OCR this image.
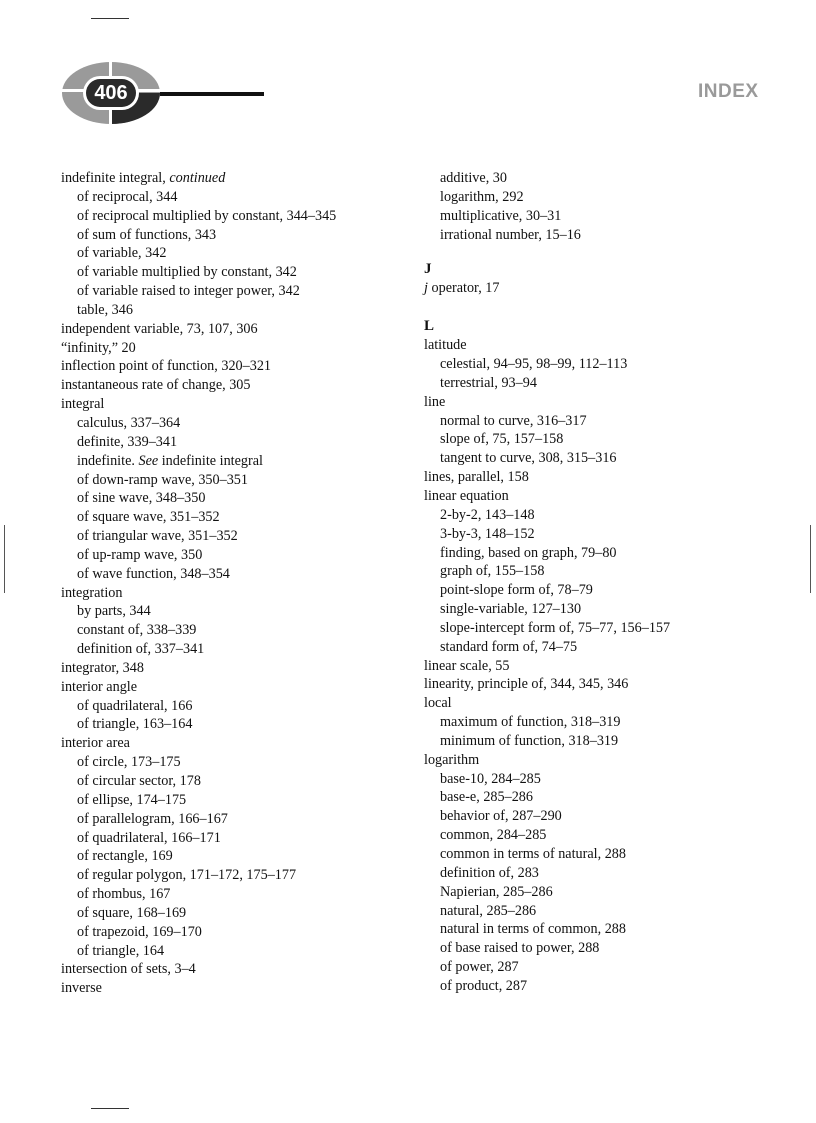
406	INDEX
indefinite integral, continued
of reciprocal, 344
of reciprocal multiplied by constant, 344–345
of sum of functions, 343
of variable, 342
of variable multiplied by constant, 342
of variable raised to integer power, 342
table, 346
independent variable, 73, 107, 306
“infinity,” 20
inflection point of function, 320–321
instantaneous rate of change, 305
integral
calculus, 337–364
definite, 339–341
indefinite. See indefinite integral
of down-ramp wave, 350–351
of sine wave, 348–350
of square wave, 351–352
of triangular wave, 351–352
of up-ramp wave, 350
of wave function, 348–354
integration
by parts, 344
constant of, 338–339
definition of, 337–341
integrator, 348
interior angle
of quadrilateral, 166
of triangle, 163–164
interior area
of circle, 173–175
of circular sector, 178
of ellipse, 174–175
of parallelogram, 166–167
of quadrilateral, 166–171
of rectangle, 169
of regular polygon, 171–172, 175–177
of rhombus, 167
of square, 168–169
of trapezoid, 169–170
of triangle, 164
intersection of sets, 3–4
inverse
additive, 30
logarithm, 292
multiplicative, 30–31
irrational number, 15–16
J
j operator, 17
L
latitude
celestial, 94–95, 98–99, 112–113
terrestrial, 93–94
line
normal to curve, 316–317
slope of, 75, 157–158
tangent to curve, 308, 315–316
lines, parallel, 158
linear equation
2-by-2, 143–148
3-by-3, 148–152
finding, based on graph, 79–80
graph of, 155–158
point-slope form of, 78–79
single-variable, 127–130
slope-intercept form of, 75–77, 156–157
standard form of, 74–75
linear scale, 55
linearity, principle of, 344, 345, 346
local
maximum of function, 318–319
minimum of function, 318–319
logarithm
base-10, 284–285
base-e, 285–286
behavior of, 287–290
common, 284–285
common in terms of natural, 288
definition of, 283
Napierian, 285–286
natural, 285–286
natural in terms of common, 288
of base raised to power, 288
of power, 287
of product, 287
